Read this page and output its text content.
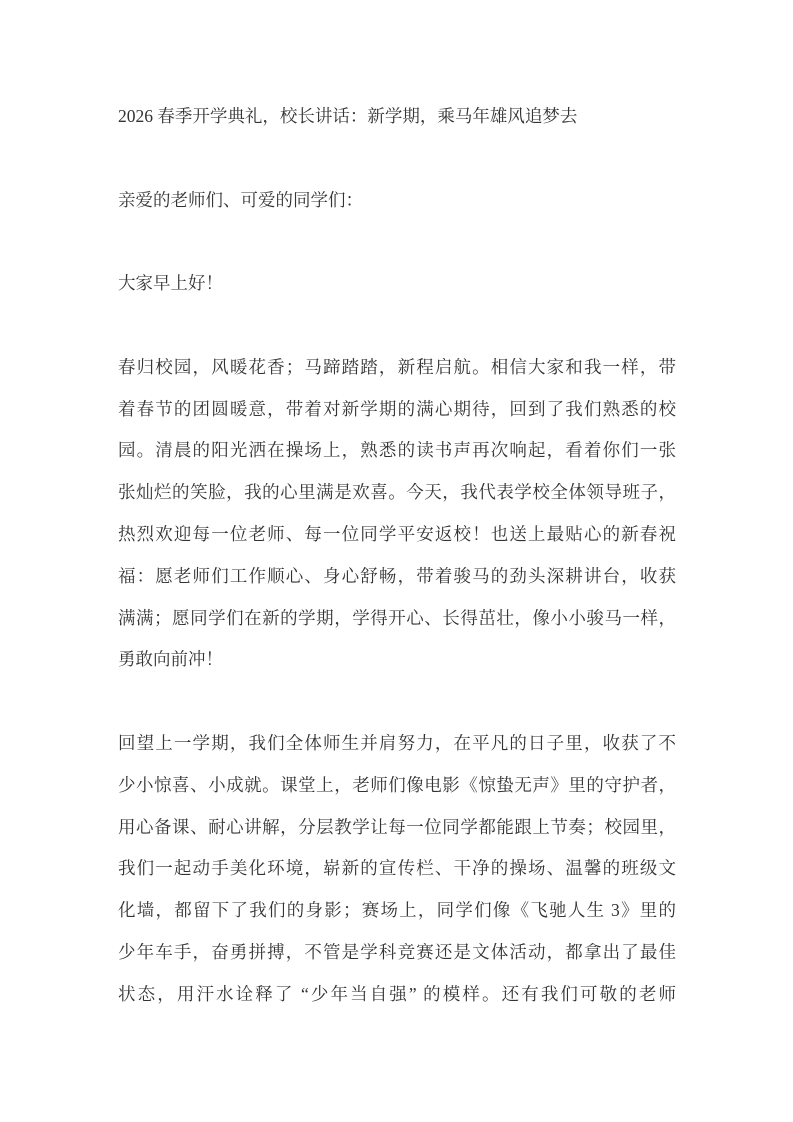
2026 春季开学典礼，校长讲话：新学期，乘马年雄风追梦去

亲爱的老师们、可爱的同学们：

大家早上好！

春归校园，风暖花香；马蹄踏踏，新程启航。相信大家和我一样，带
着春节的团圆暖意，带着对新学期的满心期待，回到了我们熟悉的校
园。清晨的阳光洒在操场上，熟悉的读书声再次响起，看着你们一张
张灿烂的笑脸，我的心里满是欢喜。今天，我代表学校全体领导班子，
热烈欢迎每一位老师、每一位同学平安返校！也送上最贴心的新春祝
福：愿老师们工作顺心、身心舒畅，带着骏马的劲头深耕讲台，收获
满满；愿同学们在新的学期，学得开心、长得茁壮，像小小骏马一样，
勇敢向前冲！

回望上一学期，我们全体师生并肩努力，在平凡的日子里，收获了不
少小惊喜、小成就。课堂上，老师们像电影《惊蛰无声》里的守护者，
用心备课、耐心讲解，分层教学让每一位同学都能跟上节奏；校园里，
我们一起动手美化环境，崭新的宣传栏、干净的操场、温馨的班级文
化墙，都留下了我们的身影；赛场上，同学们像《飞驰人生 3》里的
少年车手，奋勇拼搏，不管是学科竞赛还是文体活动，都拿出了最佳
状态，用汗水诠释了 “少年当自强” 的模样。还有我们可敬的老师
